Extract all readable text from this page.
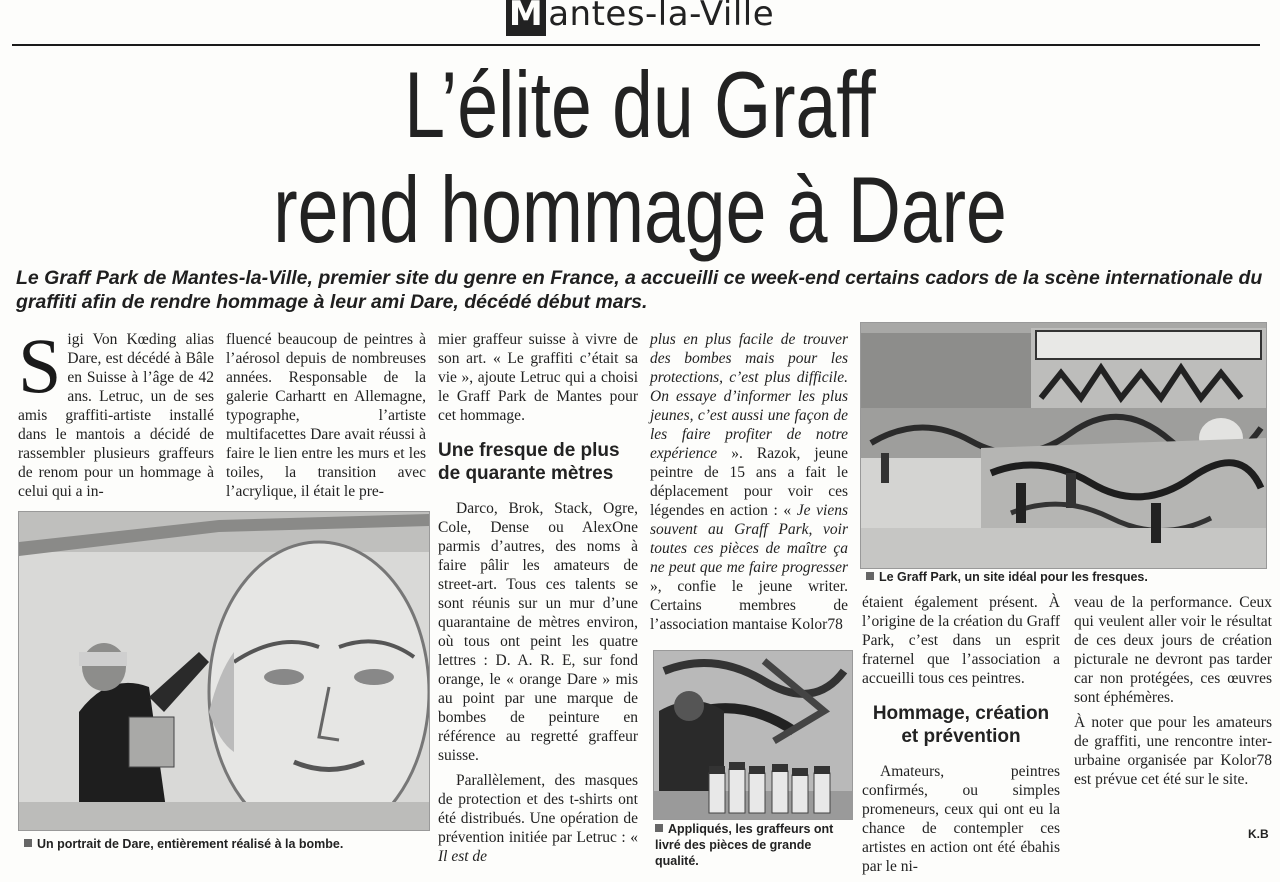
M antes-la-Ville
L’élite du Graff
rend hommage à Dare
Le Graff Park de Mantes-la-Ville, premier site du genre en France, a accueilli ce week-end certains cadors de la scène internationale du graffiti afin de rendre hommage à leur ami Dare, décédé début mars.
Sigi Von Kœding alias Dare, est décédé à Bâle en Suisse à l’âge de 42 ans. Letruc, un de ses amis graffiti-artiste installé dans le mantois a décidé de rassembler plusieurs graffeurs de renom pour un hommage à celui qui a in-

fluencé beaucoup de peintres à l’aérosol depuis de nombreuses années. Responsable de la galerie Carhartt en Allemagne, typographe, l’artiste multifacettes Dare avait réussi à faire le lien entre les murs et les toiles, la transition avec l’acrylique, il était le pre-

mier graffeur suisse à vivre de son art. « Le graffiti c’était sa vie », ajoute Letruc qui a choisi le Graff Park de Mantes pour cet hommage.

Une fresque de plus de quarante mètres

Darco, Brok, Stack, Ogre, Cole, Dense ou AlexOne parmis d’autres, des noms à faire pâlir les amateurs de street-art. Tous ces talents se sont réunis sur un mur d’une quarantaine de mètres environ, où tous ont peint les quatre lettres : D. A. R. E, sur fond orange, le « orange Dare » mis au point par une marque de bombes de peinture en référence au regretté graffeur suisse.

Parallèlement, des masques de protection et des t-shirts ont été distribués. Une opération de prévention initiée par Letruc : « Il est de

plus en plus facile de trouver des bombes mais pour les protections, c’est plus difficile. On essaye d’informer les plus jeunes, c’est aussi une façon de les faire profiter de notre expérience ». Razok, jeune peintre de 15 ans a fait le déplacement pour voir ces légendes en action : « Je viens souvent au Graff Park, voir toutes ces pièces de maître ça ne peut que me faire progresser », confie le jeune writer. Certains membres de l’association mantaise Kolor78

étaient également présent. À l’origine de la création du Graff Park, c’est dans un esprit fraternel que l’association a accueilli tous ces peintres.

Hommage, création et prévention

Amateurs, peintres confirmés, ou simples promeneurs, ceux qui ont eu la chance de contempler ces artistes en action ont été ébahis par le ni-

veau de la performance. Ceux qui veulent aller voir le résultat de ces deux jours de création picturale ne devront pas tarder car non protégées, ces œuvres sont éphémères.

À noter que pour les amateurs de graffiti, une rencontre inter-urbaine organisée par Kolor78 est prévue cet été sur le site.

Un portrait de Dare, entièrement réalisé à la bombe.
Appliqués, les graffeurs ont livré des pièces de grande qualité.
Le Graff Park, un site idéal pour les fresques.
K.B
